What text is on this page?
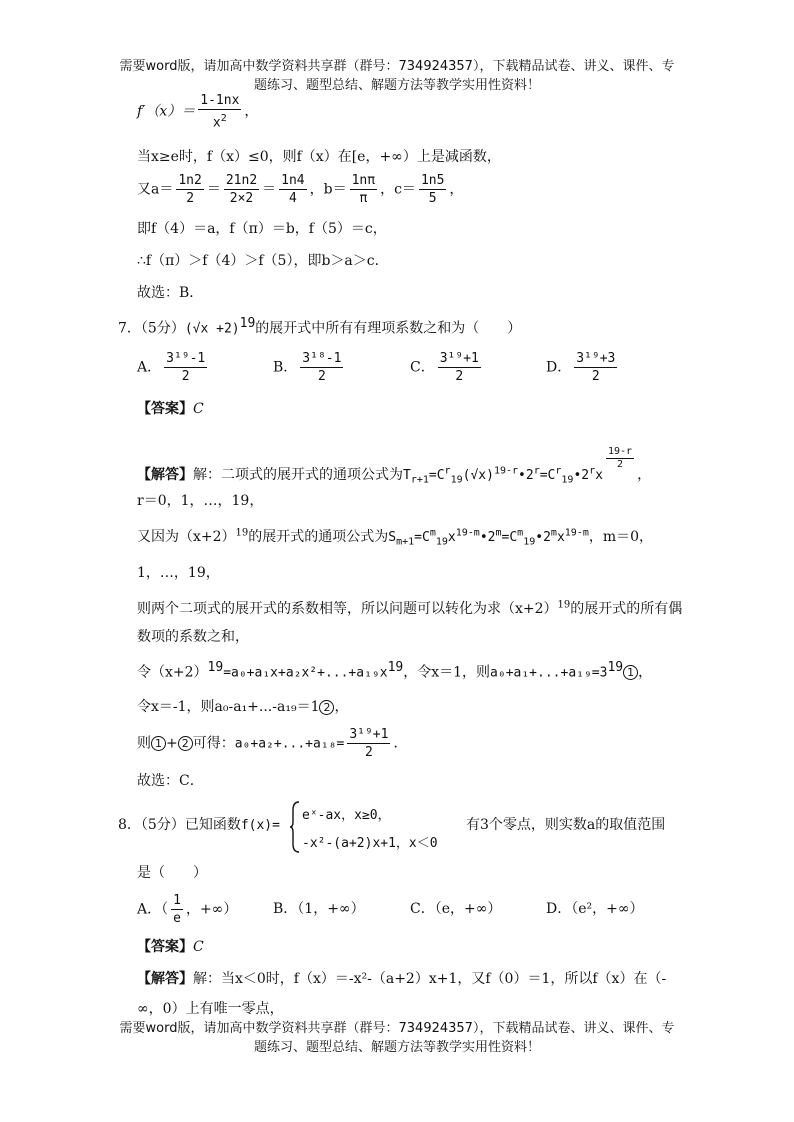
需要word版，请加高中数学资料共享群（群号：734924357），下载精品试卷、讲义、课件、专
题练习、题型总结、解题方法等教学实用性资料！
$f'(x)= \frac{1-1nx}{x^2}$ ，
当x≥e时，f（x）≤0，则f（x）在[e，+∞）上是减函数，
又$a= \frac{1n2}{2} = \frac{21n2}{2\times 2} = \frac{1n4}{4}$ ，$b= \frac{1n\pi}{\pi}$ ，$c= \frac{1n5}{5}$ ，
即f（4）＝a，f（π）＝b，f（5）＝c，
∴f（π）＞f（4）＞f（5），即b＞a＞c．
故选：B．
7．（5分）$(√x +2)^{19}$的展开式中所有有理项系数之和为（　　）
A． $\frac{\text{3¹⁹-1}}{2}$	B． $\frac{\text{3¹⁸-1}}{2}$	C． $\frac{\text{3¹⁹+1}}{2}$	D． $\frac{\text{3¹⁹+3}}{2}$
【答案】C
【解答】解：二项式的展开式的通项公式为$T_{r+1}=C^r_{19}(√x)^{19-r}•2^r=C^r_{19}•2^rx$
$\frac{19-r}{2}$
，
r＝0，1，…，19，
又因为$(x+2)^{19}$的展开式的通项公式为$S_{m+1}=C^m_{19}x^{19-m}•2^m=C^m_{19}•2^mx^{19-m}$，m＝0，
1，…，19，
则两个二项式的展开式的系数相等，所以问题可以转化为求$(x+2)^{19}$的展开式的所有偶
数项的系数之和，
令$(x+2)^{19}=a_0+a_1x+a_2x^2+...+a_{19}x^{19}$，令x＝1，则$a_0+a_1+...+a_{19}=3^{19}$ 1 ，
令x＝-1，则a₀-a₁+...-a₁₉＝1 2 ，
则 1 + 2 可得：$a_0+a_2+...+a_{18}= \frac{\text{3¹⁹+1}}{2}$ ．
故选：C．
8．（5分）已知函数f(x)=
eˣ-ax，x≥0，
-x²-(a+2)x+1，x＜0
有3个零点，则实数a的取值范围
是（　　）
A．（ $\frac{1}{e}$ ，+∞）	B．（1，+∞）	C．（e，+∞）	D．（e²，+∞）
【答案】C
【解答】解：当x＜0时，f（x）＝-x²-（a+2）x+1，又f（0）＝1，所以f（x）在（-
∞，0）上有唯一零点，
需要word版，请加高中数学资料共享群（群号：734924357），下载精品试卷、讲义、课件、专
题练习、题型总结、解题方法等教学实用性资料！
